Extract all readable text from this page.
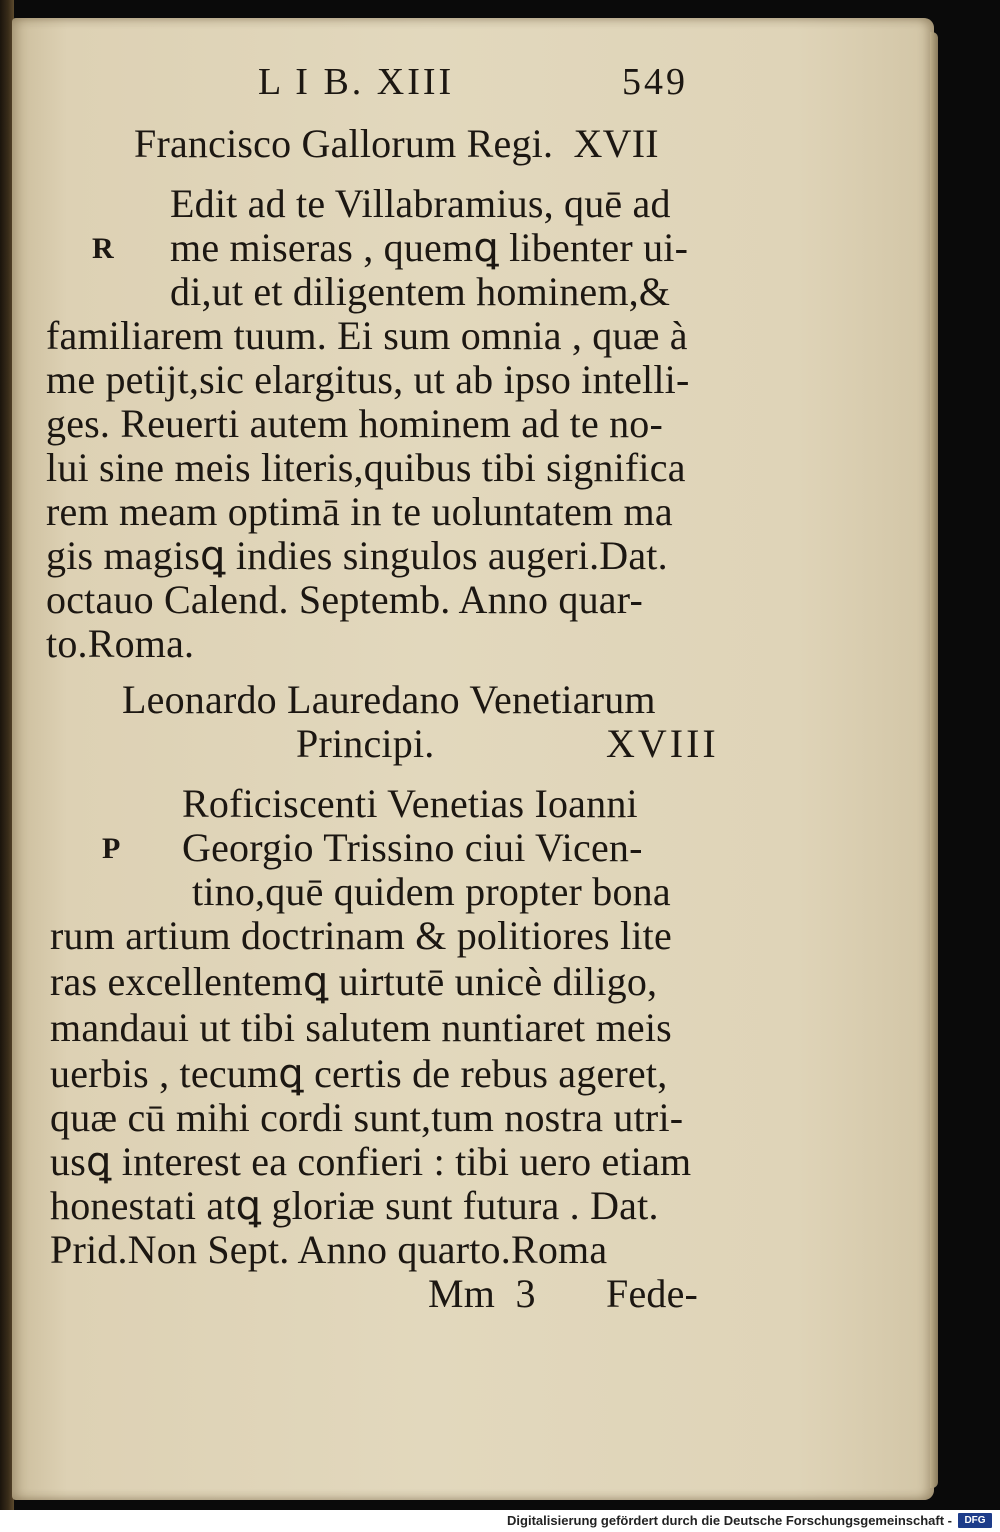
L I B. XIII	549
Francisco Gallorum Regi.  XVII
R
Edit ad te Villabramius, quē ad
me miseras , quemꝗ libenter ui-
di,ut et diligentem hominem,&
familiarem tuum. Ei sum omnia , quæ à
me petijt,sic elargitus, ut ab ipso intelli-
ges. Reuerti autem hominem ad te no-
lui sine meis literis,quibus tibi significa
rem meam optimā in te uoluntatem ma
gis magisꝗ indies singulos augeri.Dat.
octauo Calend. Septemb. Anno quar-
to.Roma.
Leonardo Lauredano Venetiarum
Principi.	XVIII
P
Roficiscenti Venetias Ioanni
Georgio Trissino ciui Vicen-
tino,quē quidem propter bona
rum artium doctrinam & politiores lite
ras excellentemꝗ uirtutē unicè diligo,
mandaui ut tibi salutem nuntiaret meis
uerbis , tecumꝗ certis de rebus ageret,
quæ cū mihi cordi sunt,tum nostra utri-
usꝗ interest ea confieri : tibi uero etiam
honestati atꝗ gloriæ sunt futura . Dat.
Prid.Non Sept. Anno quarto.Roma
Mm  3 Fede-
Digitalisierung gefördert durch die Deutsche Forschungsgemeinschaft -	DFG
